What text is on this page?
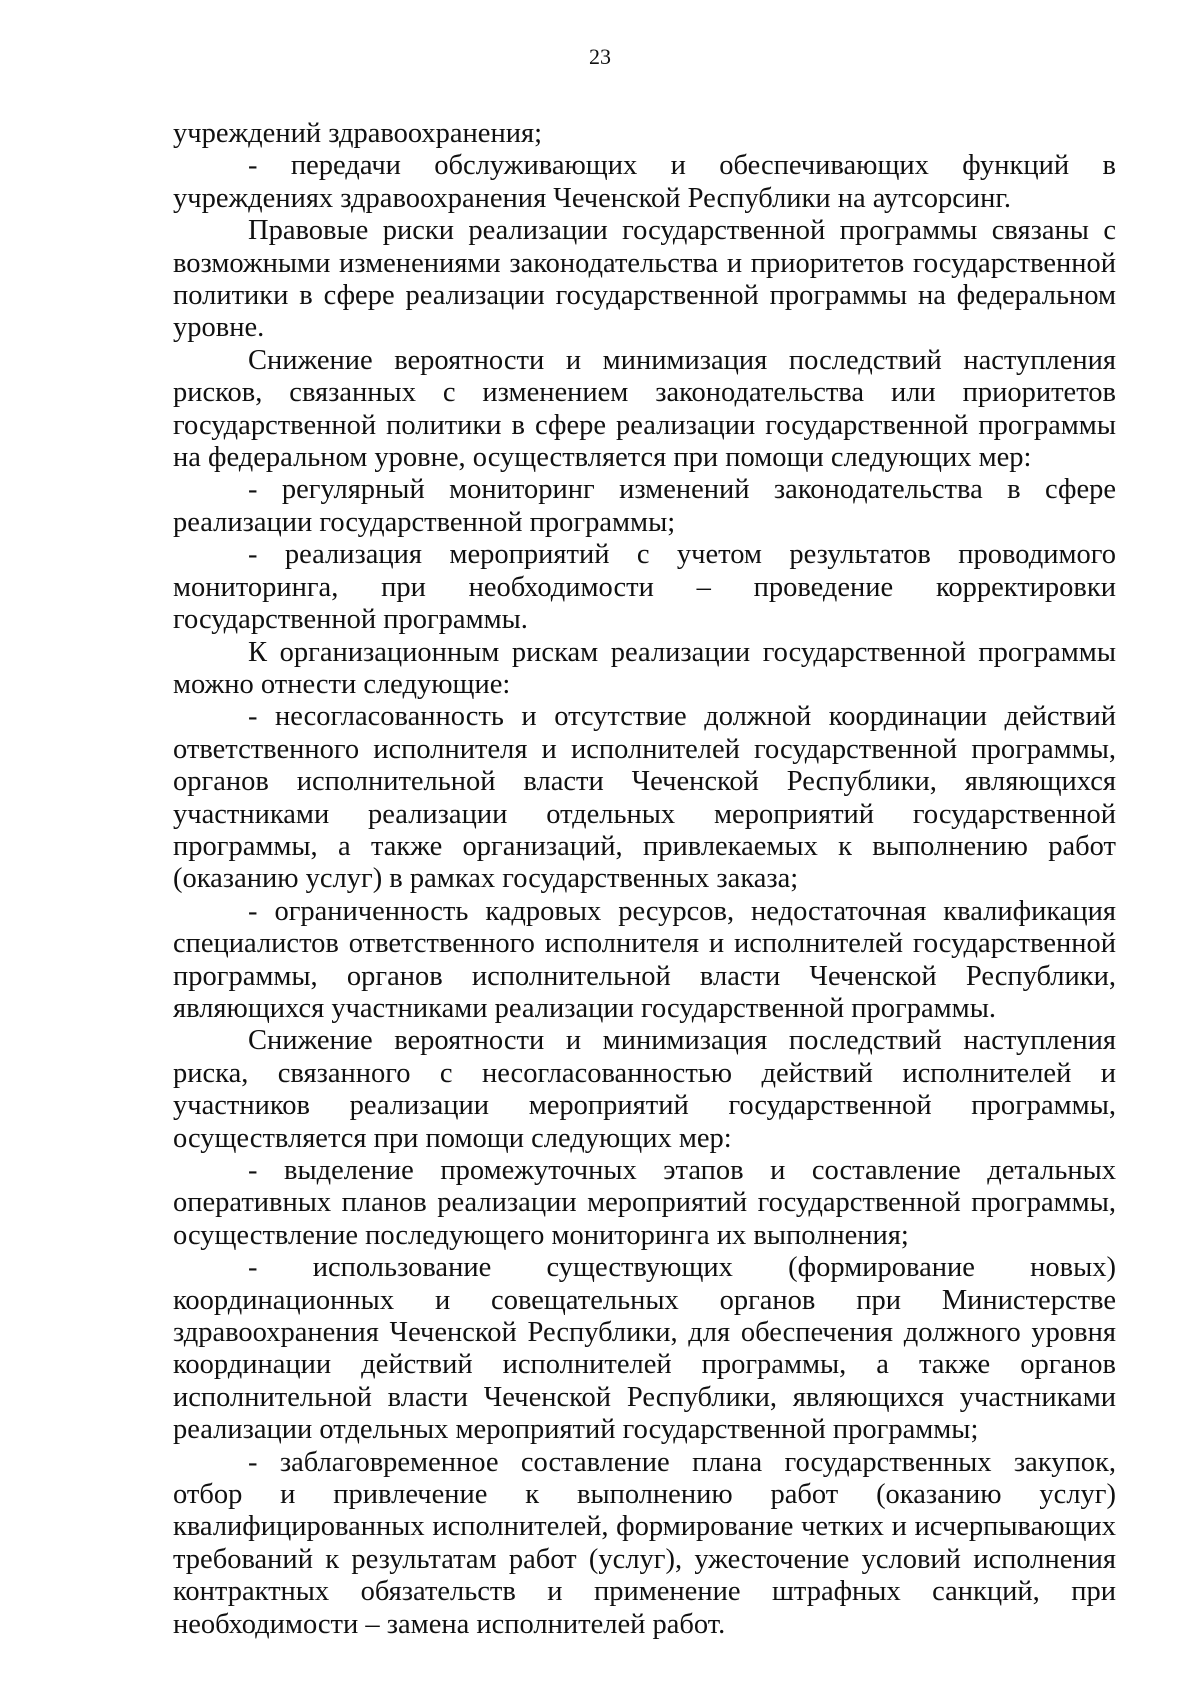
23

учреждений здравоохранения;

- передачи обслуживающих и обеспечивающих функций в учреждениях здравоохранения Чеченской Республики на аутсорсинг.

Правовые риски реализации государственной программы связаны с возможными изменениями законодательства и приоритетов государственной политики в сфере реализации государственной программы на федеральном уровне.

Снижение вероятности и минимизация последствий наступления рисков, связанных с изменением законодательства или приоритетов государственной политики в сфере реализации государственной программы на федеральном уровне, осуществляется при помощи следующих мер:

- регулярный мониторинг изменений законодательства в сфере реализации государственной программы;

- реализация мероприятий с учетом результатов проводимого мониторинга, при необходимости – проведение корректировки государственной программы.

К организационным рискам реализации государственной программы можно отнести следующие:

- несогласованность и отсутствие должной координации действий ответственного исполнителя и исполнителей государственной программы, органов исполнительной власти Чеченской Республики, являющихся участниками реализации отдельных мероприятий государственной программы, а также организаций, привлекаемых к выполнению работ (оказанию услуг) в рамках государственных заказа;

- ограниченность кадровых ресурсов, недостаточная квалификация специалистов ответственного исполнителя и исполнителей государственной программы, органов исполнительной власти Чеченской Республики, являющихся участниками реализации государственной программы.

Снижение вероятности и минимизация последствий наступления риска, связанного с несогласованностью действий исполнителей и участников реализации мероприятий государственной программы, осуществляется при помощи следующих мер:

- выделение промежуточных этапов и составление детальных оперативных планов реализации мероприятий государственной программы, осуществление последующего мониторинга их выполнения;

- использование существующих (формирование новых) координационных и совещательных органов при Министерстве здравоохранения Чеченской Республики, для обеспечения должного уровня координации действий исполнителей программы, а также органов исполнительной власти Чеченской Республики, являющихся участниками реализации отдельных мероприятий государственной программы;

- заблаговременное составление плана государственных закупок, отбор и привлечение к выполнению работ (оказанию услуг) квалифицированных исполнителей, формирование четких и исчерпывающих требований к результатам работ (услуг), ужесточение условий исполнения контрактных обязательств и применение штрафных санкций, при необходимости – замена исполнителей работ.
